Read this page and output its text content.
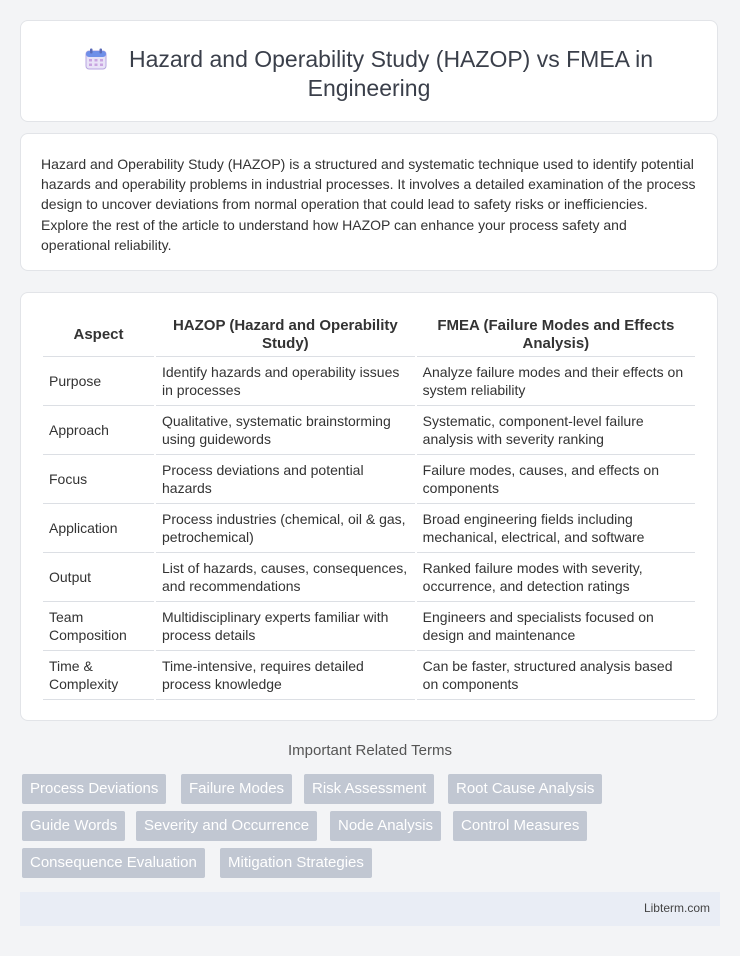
Hazard and Operability Study (HAZOP) vs FMEA in
Engineering
Hazard and Operability Study (HAZOP) is a structured and systematic technique used to identify potential hazards and operability problems in industrial processes. It involves a detailed examination of the process design to uncover deviations from normal operation that could lead to safety risks or inefficiencies. Explore the rest of the article to understand how HAZOP can enhance your process safety and operational reliability.
Aspect	HAZOP (Hazard and Operability Study)	FMEA (Failure Modes and Effects Analysis)
Purpose	Identify hazards and operability issues in processes	Analyze failure modes and their effects on system reliability
Approach	Qualitative, systematic brainstorming using guidewords	Systematic, component-level failure analysis with severity ranking
Focus	Process deviations and potential hazards	Failure modes, causes, and effects on components
Application	Process industries (chemical, oil & gas, petrochemical)	Broad engineering fields including mechanical, electrical, and software
Output	List of hazards, causes, consequences, and recommendations	Ranked failure modes with severity, occurrence, and detection ratings
Team Composition	Multidisciplinary experts familiar with process details	Engineers and specialists focused on design and maintenance
Time & Complexity	Time-intensive, requires detailed process knowledge	Can be faster, structured analysis based on components
Important Related Terms
Process Deviations	Failure Modes	Risk Assessment	Root Cause Analysis
Guide Words	Severity and Occurrence	Node Analysis	Control Measures
Consequence Evaluation	Mitigation Strategies
Libterm.com
